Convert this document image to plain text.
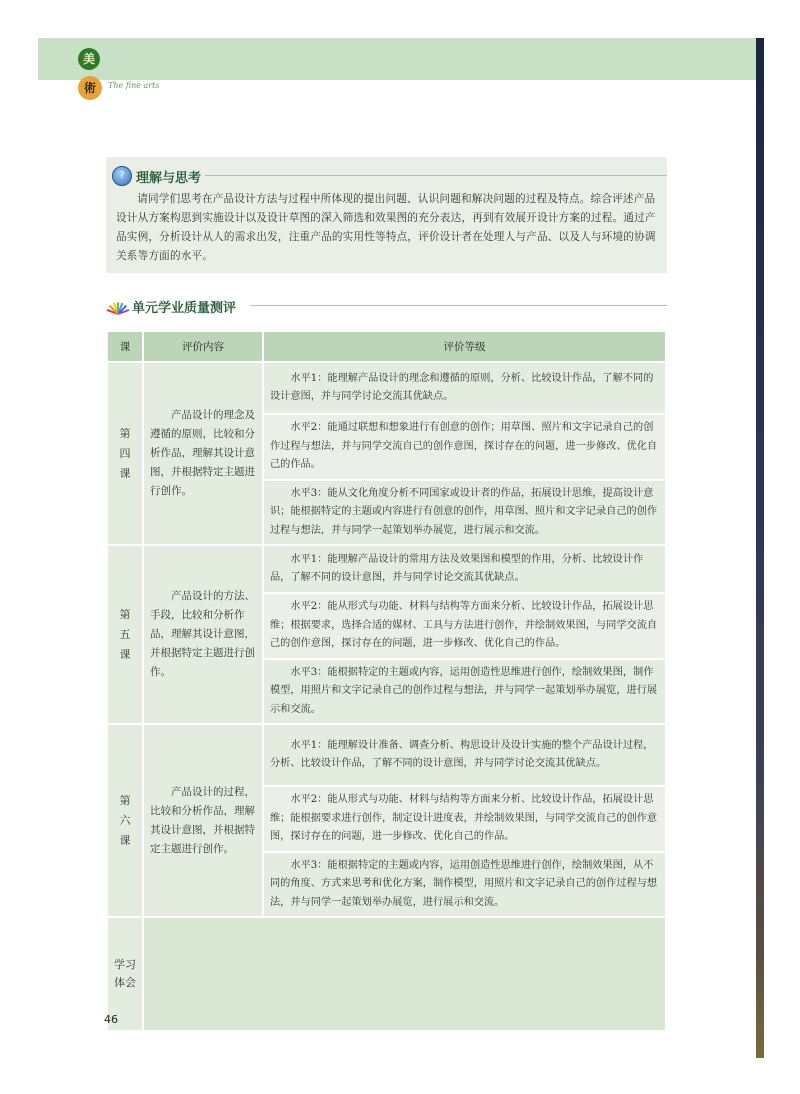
美
術	The fine arts
? 理解与思考

请同学们思考在产品设计方法与过程中所体现的提出问题、认识问题和解决问题的过程及特点。综合评述产品设计从方案构思到实施设计以及设计草图的深入筛选和效果图的充分表达，再到有效展开设计方案的过程。通过产品实例，分析设计从人的需求出发，注重产品的实用性等特点，评价设计者在处理人与产品、以及人与环境的协调关系等方面的水平。

单元学业质量测评
课	评价内容	评价等级

第
四
课	产品设计的理念及遵循的原则，比较和分析作品，理解其设计意图，并根据特定主题进行创作。	水平1：能理解产品设计的理念和遵循的原则，分析、比较设计作品，了解不同的设计意图，并与同学讨论交流其优缺点。
		水平2：能通过联想和想象进行有创意的创作；用草图、照片和文字记录自己的创作过程与想法，并与同学交流自己的创作意图，探讨存在的问题，进一步修改、优化自己的作品。
		水平3：能从文化角度分析不同国家或设计者的作品，拓展设计思维，提高设计意识；能根据特定的主题或内容进行有创意的创作，用草图、照片和文字记录自己的创作过程与想法，并与同学一起策划举办展览，进行展示和交流。

第
五
课	产品设计的方法、手段，比较和分析作品，理解其设计意图，并根据特定主题进行创作。	水平1：能理解产品设计的常用方法及效果图和模型的作用，分析、比较设计作品，了解不同的设计意图，并与同学讨论交流其优缺点。
		水平2：能从形式与功能、材料与结构等方面来分析、比较设计作品，拓展设计思维；根据要求，选择合适的媒材、工具与方法进行创作，并绘制效果图，与同学交流自己的创作意图，探讨存在的问题，进一步修改、优化自己的作品。
		水平3：能根据特定的主题或内容，运用创造性思维进行创作，绘制效果图，制作模型，用照片和文字记录自己的创作过程与想法，并与同学一起策划举办展览，进行展示和交流。

第
六
课	产品设计的过程，比较和分析作品，理解其设计意图，并根据特定主题进行创作。	水平1：能理解设计准备、调查分析、构思设计及设计实施的整个产品设计过程，分析、比较设计作品，了解不同的设计意图，并与同学讨论交流其优缺点。
		水平2：能从形式与功能、材料与结构等方面来分析、比较设计作品，拓展设计思维；能根据要求进行创作，制定设计进度表，并绘制效果图，与同学交流自己的创作意图，探讨存在的问题，进一步修改、优化自己的作品。
		水平3：能根据特定的主题或内容，运用创造性思维进行创作，绘制效果图，从不同的角度、方式来思考和优化方案，制作模型，用照片和文字记录自己的创作过程与想法，并与同学一起策划举办展览，进行展示和交流。

学习
体会		

46
